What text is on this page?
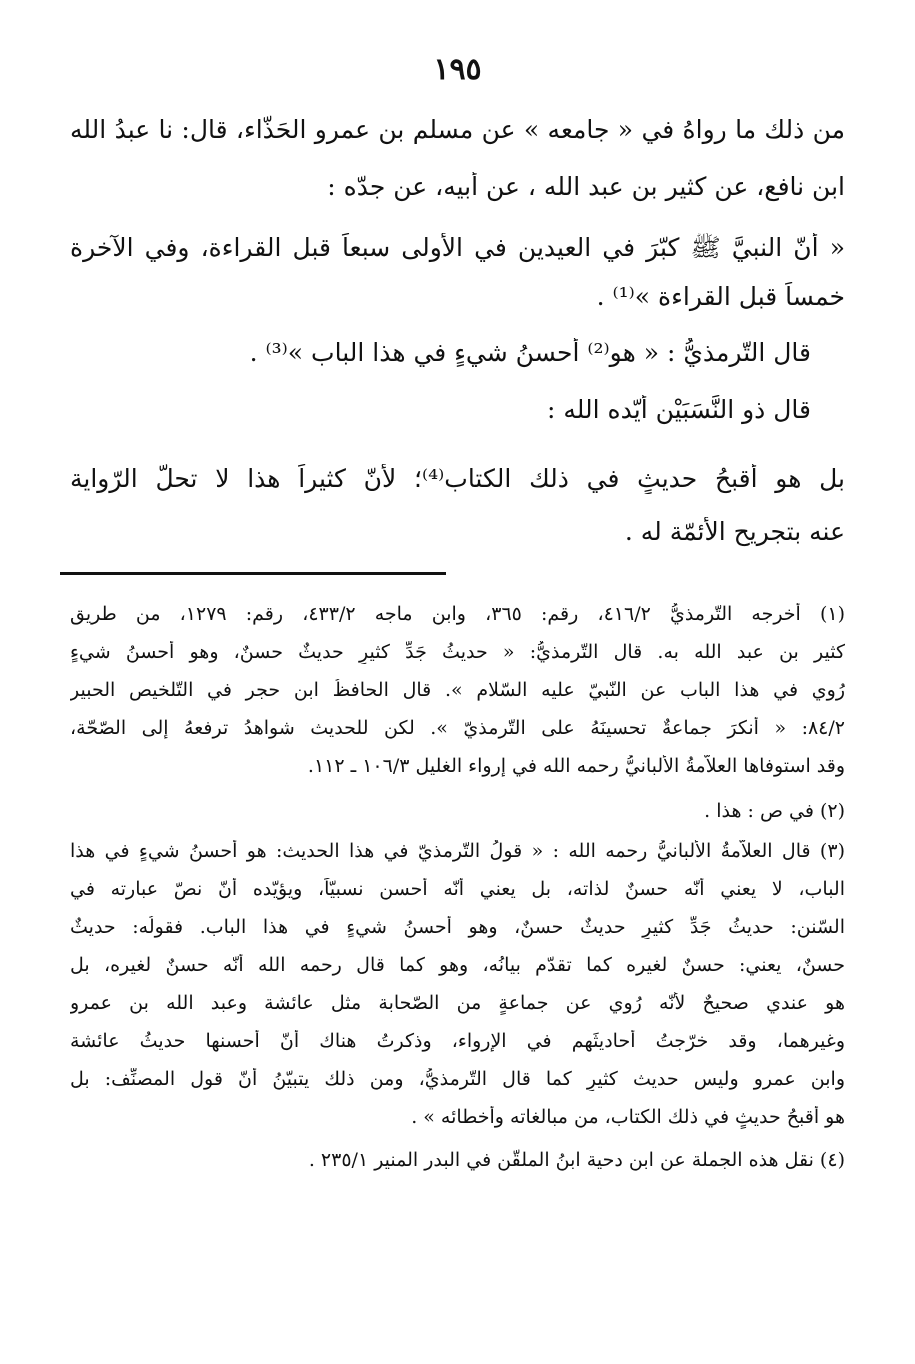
١٩٥
من ذلك ما رواهُ في « جامعه » عن مسلم بن عمرو الحَذّاء، قال: نا عبدُ الله
ابن نافع، عن كثير بن عبد الله ، عن أبيه، عن جدّه :
« أنّ النبيَّ ﷺ كبّرَ في العيدين في الأُولى سبعاً قبل القراءة، وفي الآخرة
خمساً قبل القراءة »⁽¹⁾ .
قال التّرمذيُّ : « هو⁽²⁾ أحسنُ شيءٍ في هذا الباب »⁽³⁾ .
قال ذو النَّسَبَيْنِ أيّده الله :
بل هو أقبحُ حديثٍ في ذلك الكتاب⁽⁴⁾؛ لأنّ كثيراً هذا لا تحلُّ الرّواية
عنه بتجريح الأئمّة له .
(١) أخرجه التّرمذيُّ ٤١٦/٢، رقم: ٣٦٥، وابن ماجه ٤٣٣/٢، رقم: ١٢٧٩، من طريق
كثير بن عبد الله به. قال التّرمذيُّ: « حديثُ جَدِّ كثيرٍ حديثٌ حسنٌ، وهو أحسنُ شيءٍ
رُوي في هذا الباب عن النّبيّ عليه السّلام ». قال الحافظُ ابن حجر في التّلخيص الحبير
٨٤/٢: « أنكرَ جماعةٌ تحسينَهُ على التّرمذيّ ». لكن للحديث شواهدُ ترفعهُ إلى الصّحّة،
وقد استوفاها العلاّمةُ الألبانيُّ رحمه الله في إرواء الغليل ١٠٦/٣ ـ ١١٢.
(٢) في ص : هذا .
(٣) قال العلاّمةُ الألبانيُّ رحمه الله : « قولُ التّرمذيّ في هذا الحديث: هو أحسنُ شيءٍ في هذا
الباب، لا يعني أنّه حسنٌ لذاته، بل يعني أنّه أحسن نسبيّاً، ويؤيّده أنّ نصّ عبارته في
السّنن: حديثُ جَدِّ كثيرٍ حديثٌ حسنٌ، وهو أحسنُ شيءٍ في هذا الباب. فقولُه: حديثٌ
حسنٌ، يعني: حسنٌ لغيره كما تقدّم بيانُه، وهو كما قال رحمه الله أنّه حسنٌ لغيره، بل
هو عندي صحيحٌ لأنّه رُوي عن جماعةٍ من الصّحابة مثل عائشة وعبد الله بن عمرو
وغيرهما، وقد خرّجتُ أحاديثَهم في الإرواء، وذكرتُ هناك أنّ أحسنها حديثُ عائشة
وابن عمرو وليس حديث كثيرٍ كما قال التّرمذيُّ، ومن ذلك يتبيّنُ أنّ قول المصنِّف: بل
هو أقبحُ حديثٍ في ذلك الكتاب، من مبالغاته وأخطائه » .
(٤) نقل هذه الجملة عن ابن دحية ابنُ الملقّن في البدر المنير ٢٣٥/١ .
